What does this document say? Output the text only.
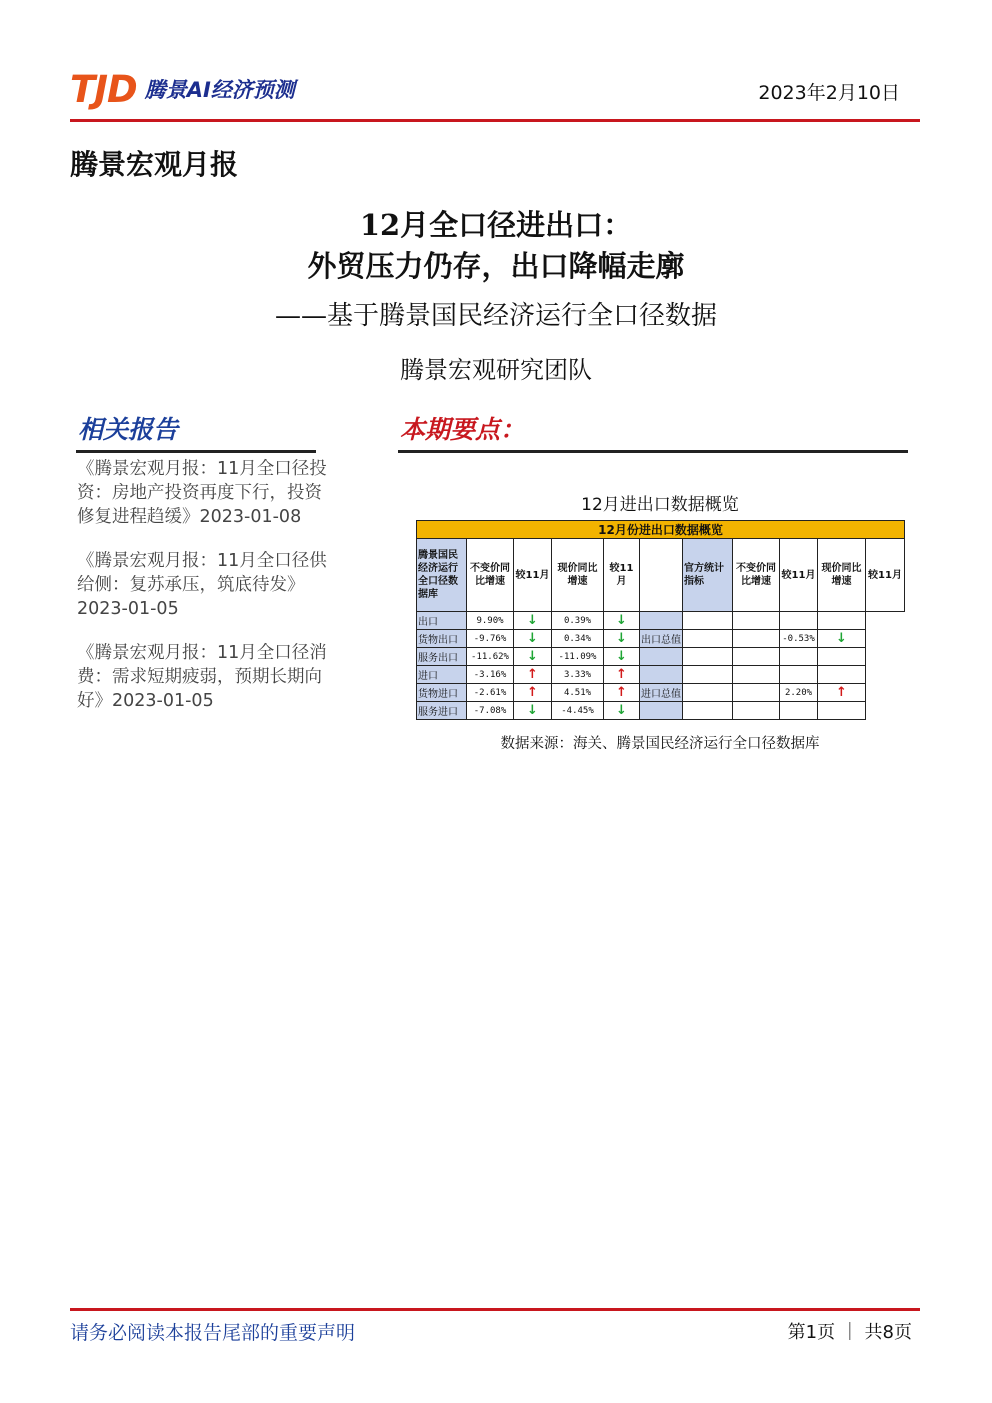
TJD 腾景AI经济预测	2023年2月10日
腾景宏观月报
12月全口径进出口：
外贸压力仍存，出口降幅走廓
——基于腾景国民经济运行全口径数据
腾景宏观研究团队
相关报告	本期要点：
《腾景宏观月报：11月全口径投资：房地产投资再度下行，投资修复进程趋缓》2023-01-08
《腾景宏观月报：11月全口径供给侧：复苏承压，筑底待发》2023-01-05
《腾景宏观月报：11月全口径消费：需求短期疲弱，预期长期向好》2023-01-05
12月进出口数据概览
12月份进出口数据概览										
腾景国民经济运行全口径数据库	不变价同比增速	较11月	现价同比增速	较11月		官方统计指标	不变价同比增速	较11月	现价同比增速	较11月
出口	9.90%	↓	0.39%	↓						
货物出口	-9.76%	↓	0.34%	↓	出口总值			-0.53%	↓	
服务出口	-11.62%	↓	-11.09%	↓						
进口	-3.16%	↑	3.33%	↑						
货物进口	-2.61%	↑	4.51%	↑	进口总值			2.20%	↑	
服务进口	-7.08%	↓	-4.45%	↓						
数据来源：海关、腾景国民经济运行全口径数据库
请务必阅读本报告尾部的重要声明	第1页 ｜ 共8页
